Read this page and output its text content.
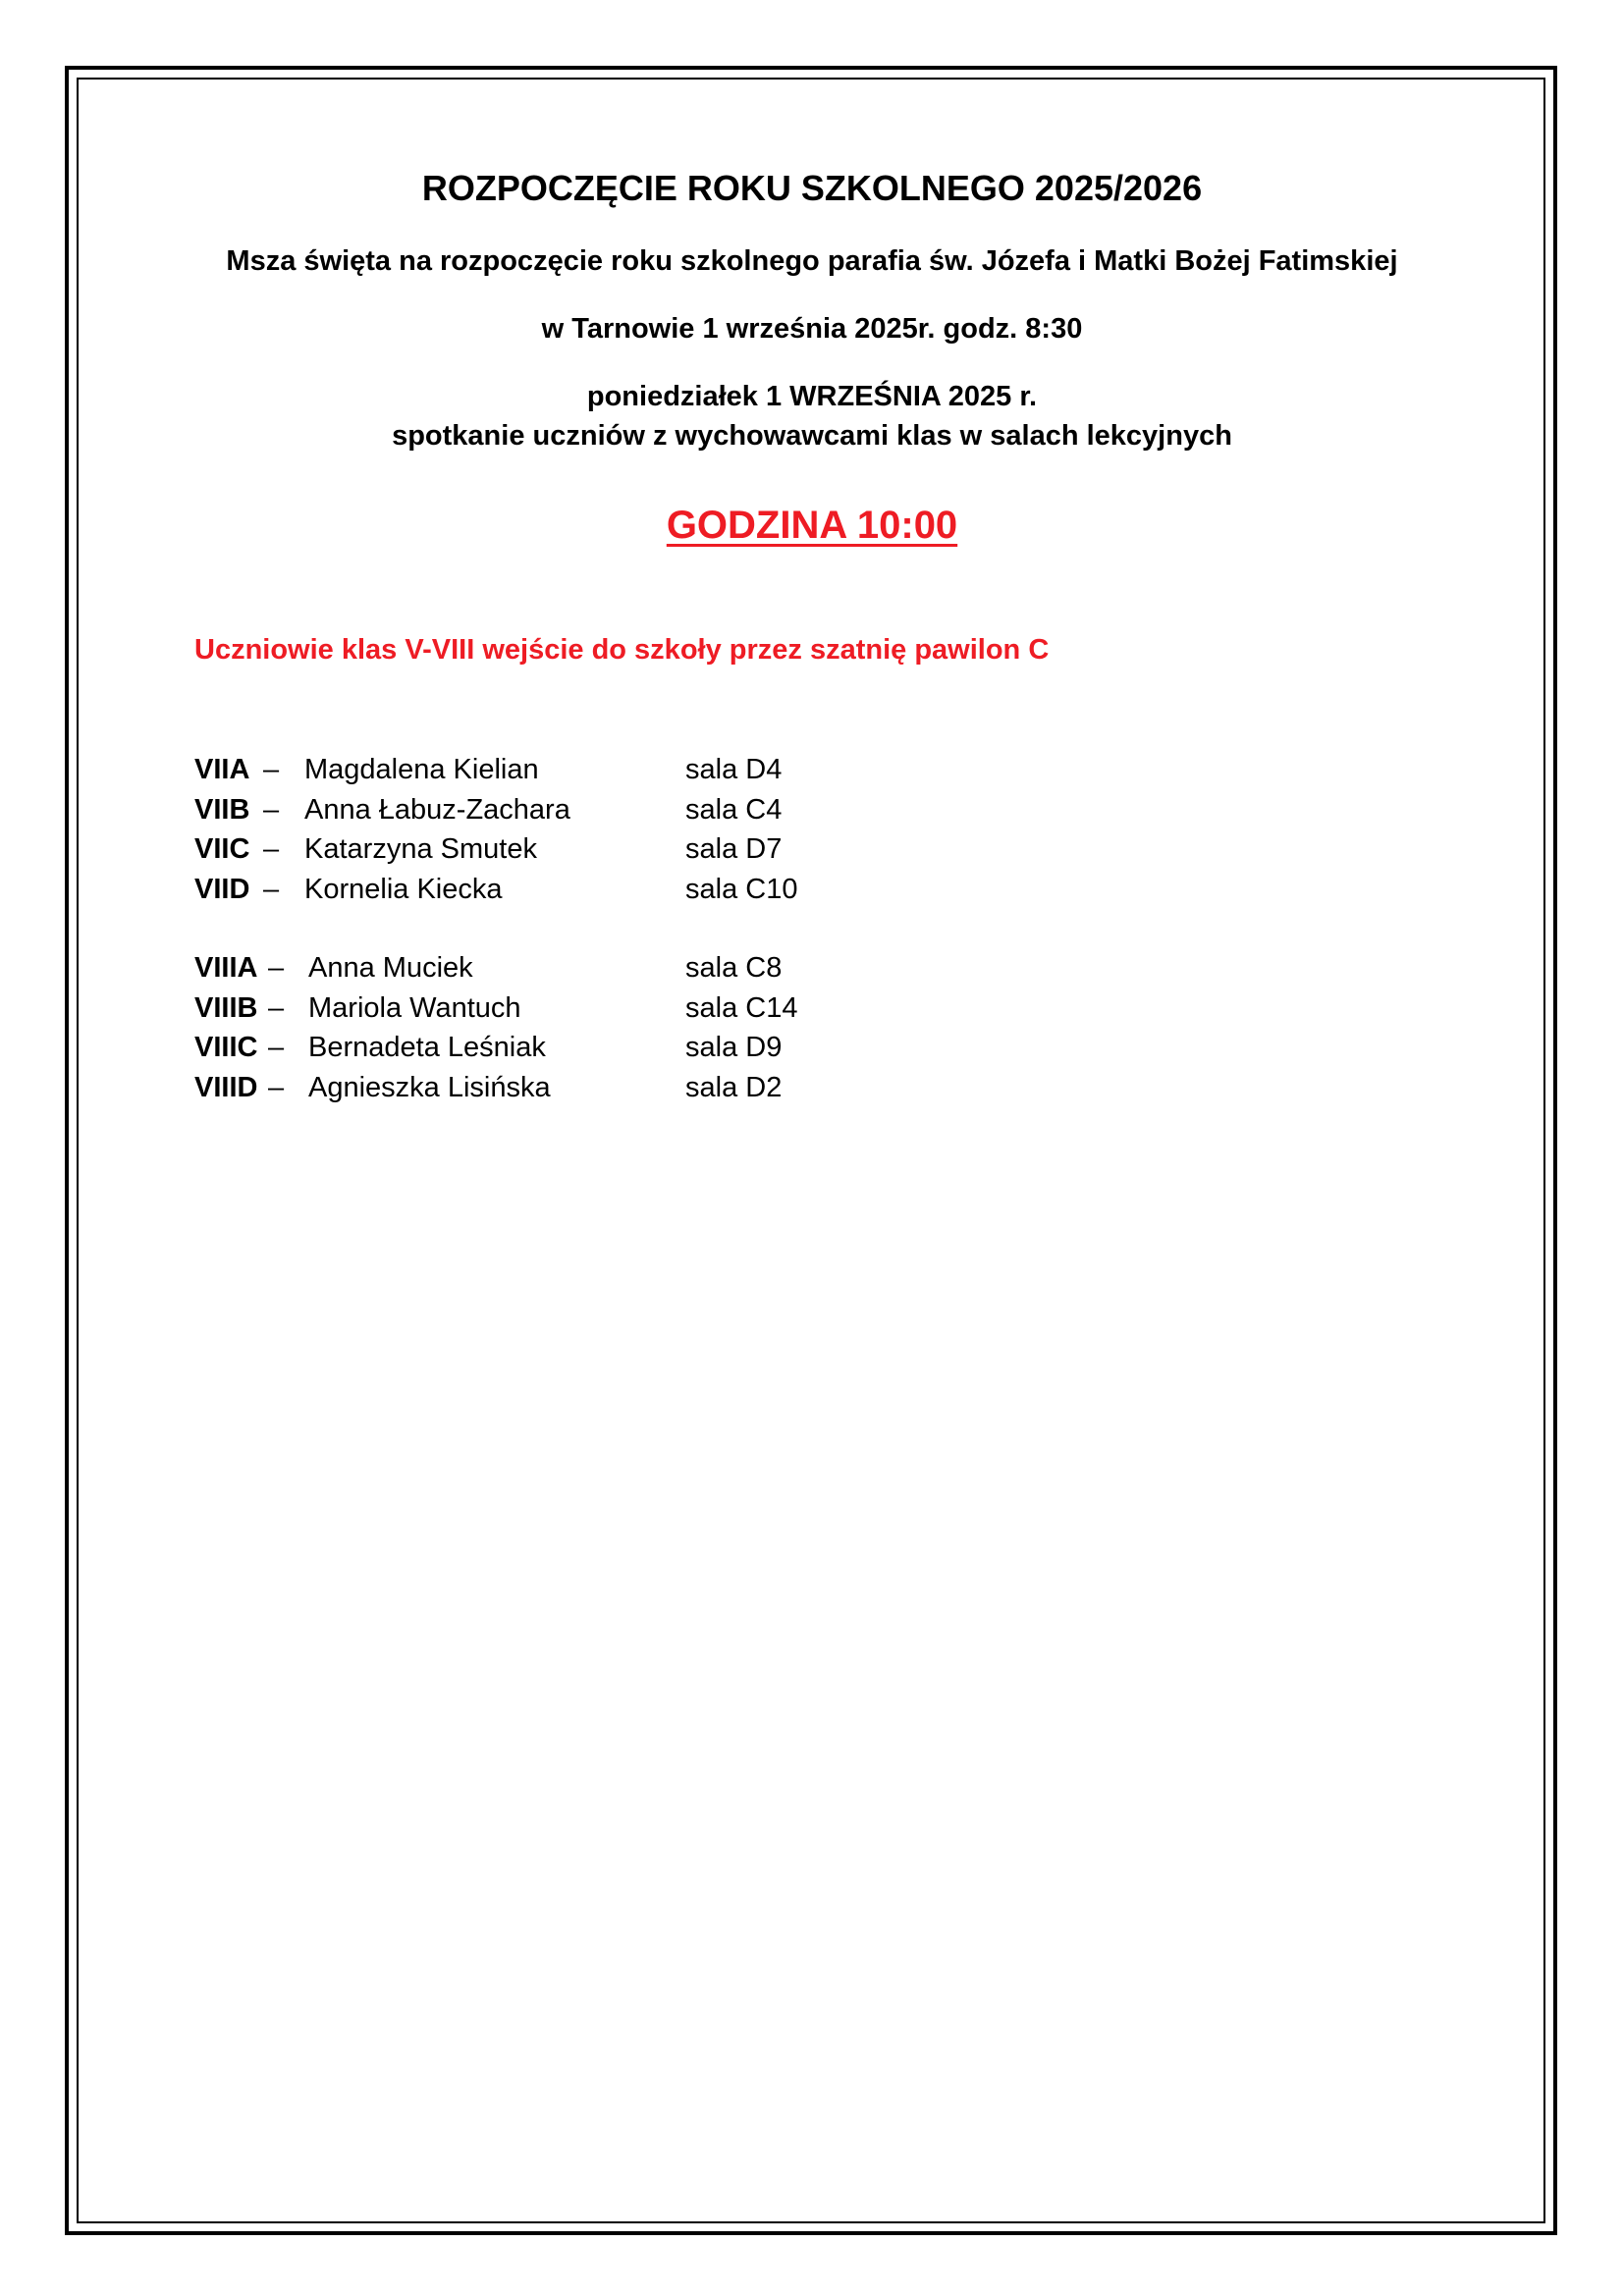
ROZPOCZĘCIE ROKU SZKOLNEGO 2025/2026
Msza święta na rozpoczęcie roku szkolnego parafia św. Józefa i Matki Bożej Fatimskiej
w Tarnowie 1 września 2025r. godz. 8:30
poniedziałek 1 WRZEŚNIA 2025 r.
spotkanie uczniów z wychowawcami klas w salach lekcyjnych
GODZINA 10:00
Uczniowie klas V-VIII wejście do szkoły przez szatnię pawilon C
VIIA – Magdalena Kielian	sala D4
VIIB – Anna Łabuz-Zachara	sala C4
VIIC – Katarzyna Smutek	sala D7
VIID – Kornelia Kiecka	sala C10
VIIIA – Anna Muciek	sala C8
VIIIB – Mariola Wantuch	sala C14
VIIIC – Bernadeta Leśniak	sala D9
VIIID – Agnieszka Lisińska	sala D2
